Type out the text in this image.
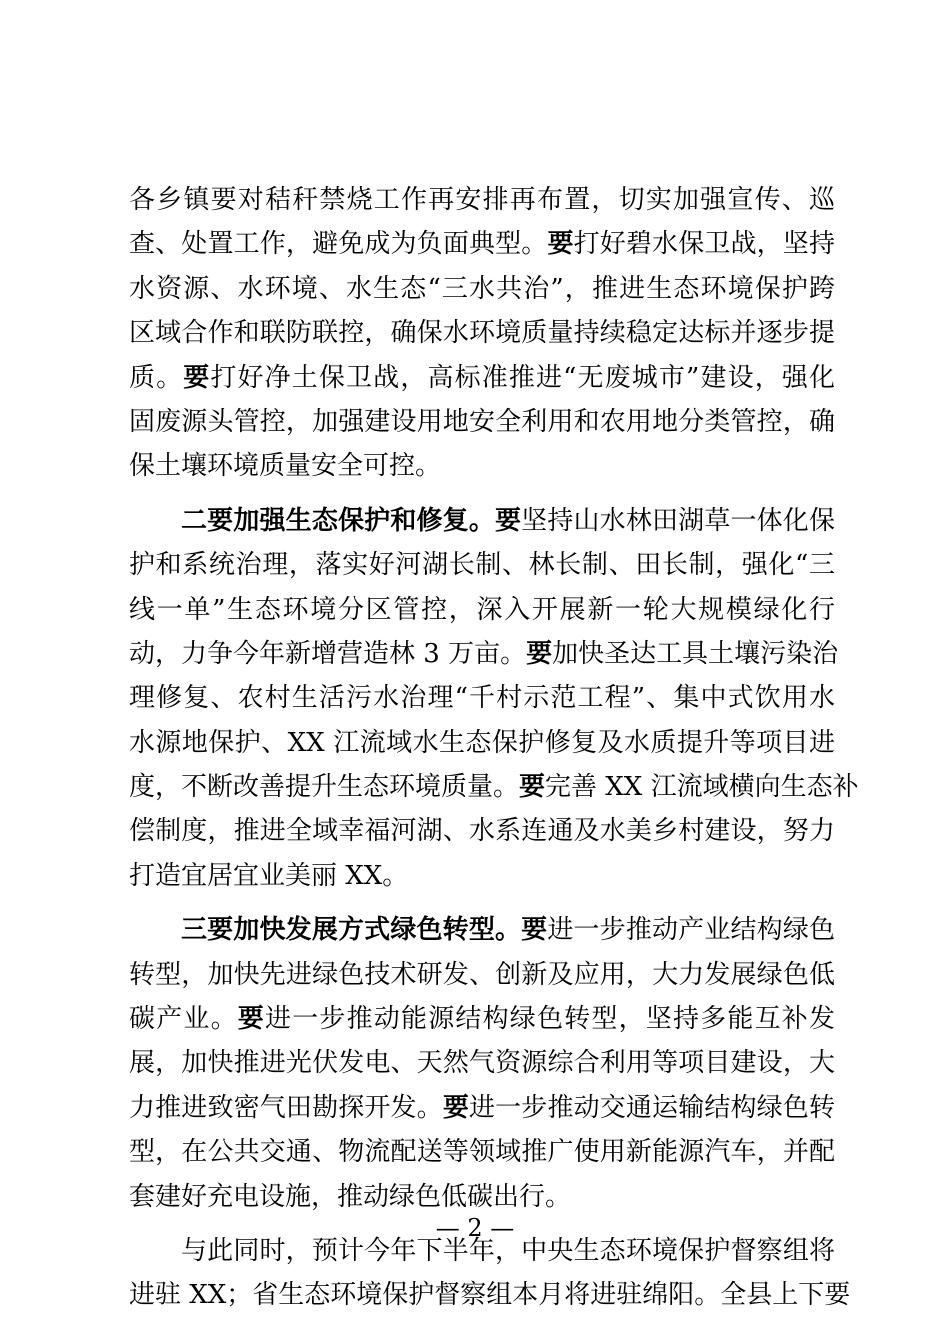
各乡镇要对秸秆禁烧工作再安排再布置，切实加强宣传、巡
查、处置工作，避免成为负面典型。要打好碧水保卫战，坚持
水资源、水环境、水生态“三水共治”，推进生态环境保护跨
区域合作和联防联控，确保水环境质量持续稳定达标并逐步提
质。要打好净土保卫战，高标准推进“无废城市”建设，强化
固废源头管控，加强建设用地安全利用和农用地分类管控，确
保土壤环境质量安全可控。
二要加强生态保护和修复。要坚持山水林田湖草一体化保
护和系统治理，落实好河湖长制、林长制、田长制，强化“三
线一单”生态环境分区管控，深入开展新一轮大规模绿化行
动，力争今年新增营造林 3 万亩。要加快圣达工具土壤污染治
理修复、农村生活污水治理“千村示范工程”、集中式饮用水
水源地保护、XX 江流域水生态保护修复及水质提升等项目进
度，不断改善提升生态环境质量。要完善 XX 江流域横向生态补
偿制度，推进全域幸福河湖、水系连通及水美乡村建设，努力
打造宜居宜业美丽 XX。
三要加快发展方式绿色转型。要进一步推动产业结构绿色
转型，加快先进绿色技术研发、创新及应用，大力发展绿色低
碳产业。要进一步推动能源结构绿色转型，坚持多能互补发
展，加快推进光伏发电、天然气资源综合利用等项目建设，大
力推进致密气田勘探开发。要进一步推动交通运输结构绿色转
型，在公共交通、物流配送等领域推广使用新能源汽车，并配
套建好充电设施，推动绿色低碳出行。
与此同时，预计今年下半年，中央生态环境保护督察组将
进驻 XX；省生态环境保护督察组本月将进驻绵阳。全县上下要
— 2 —
